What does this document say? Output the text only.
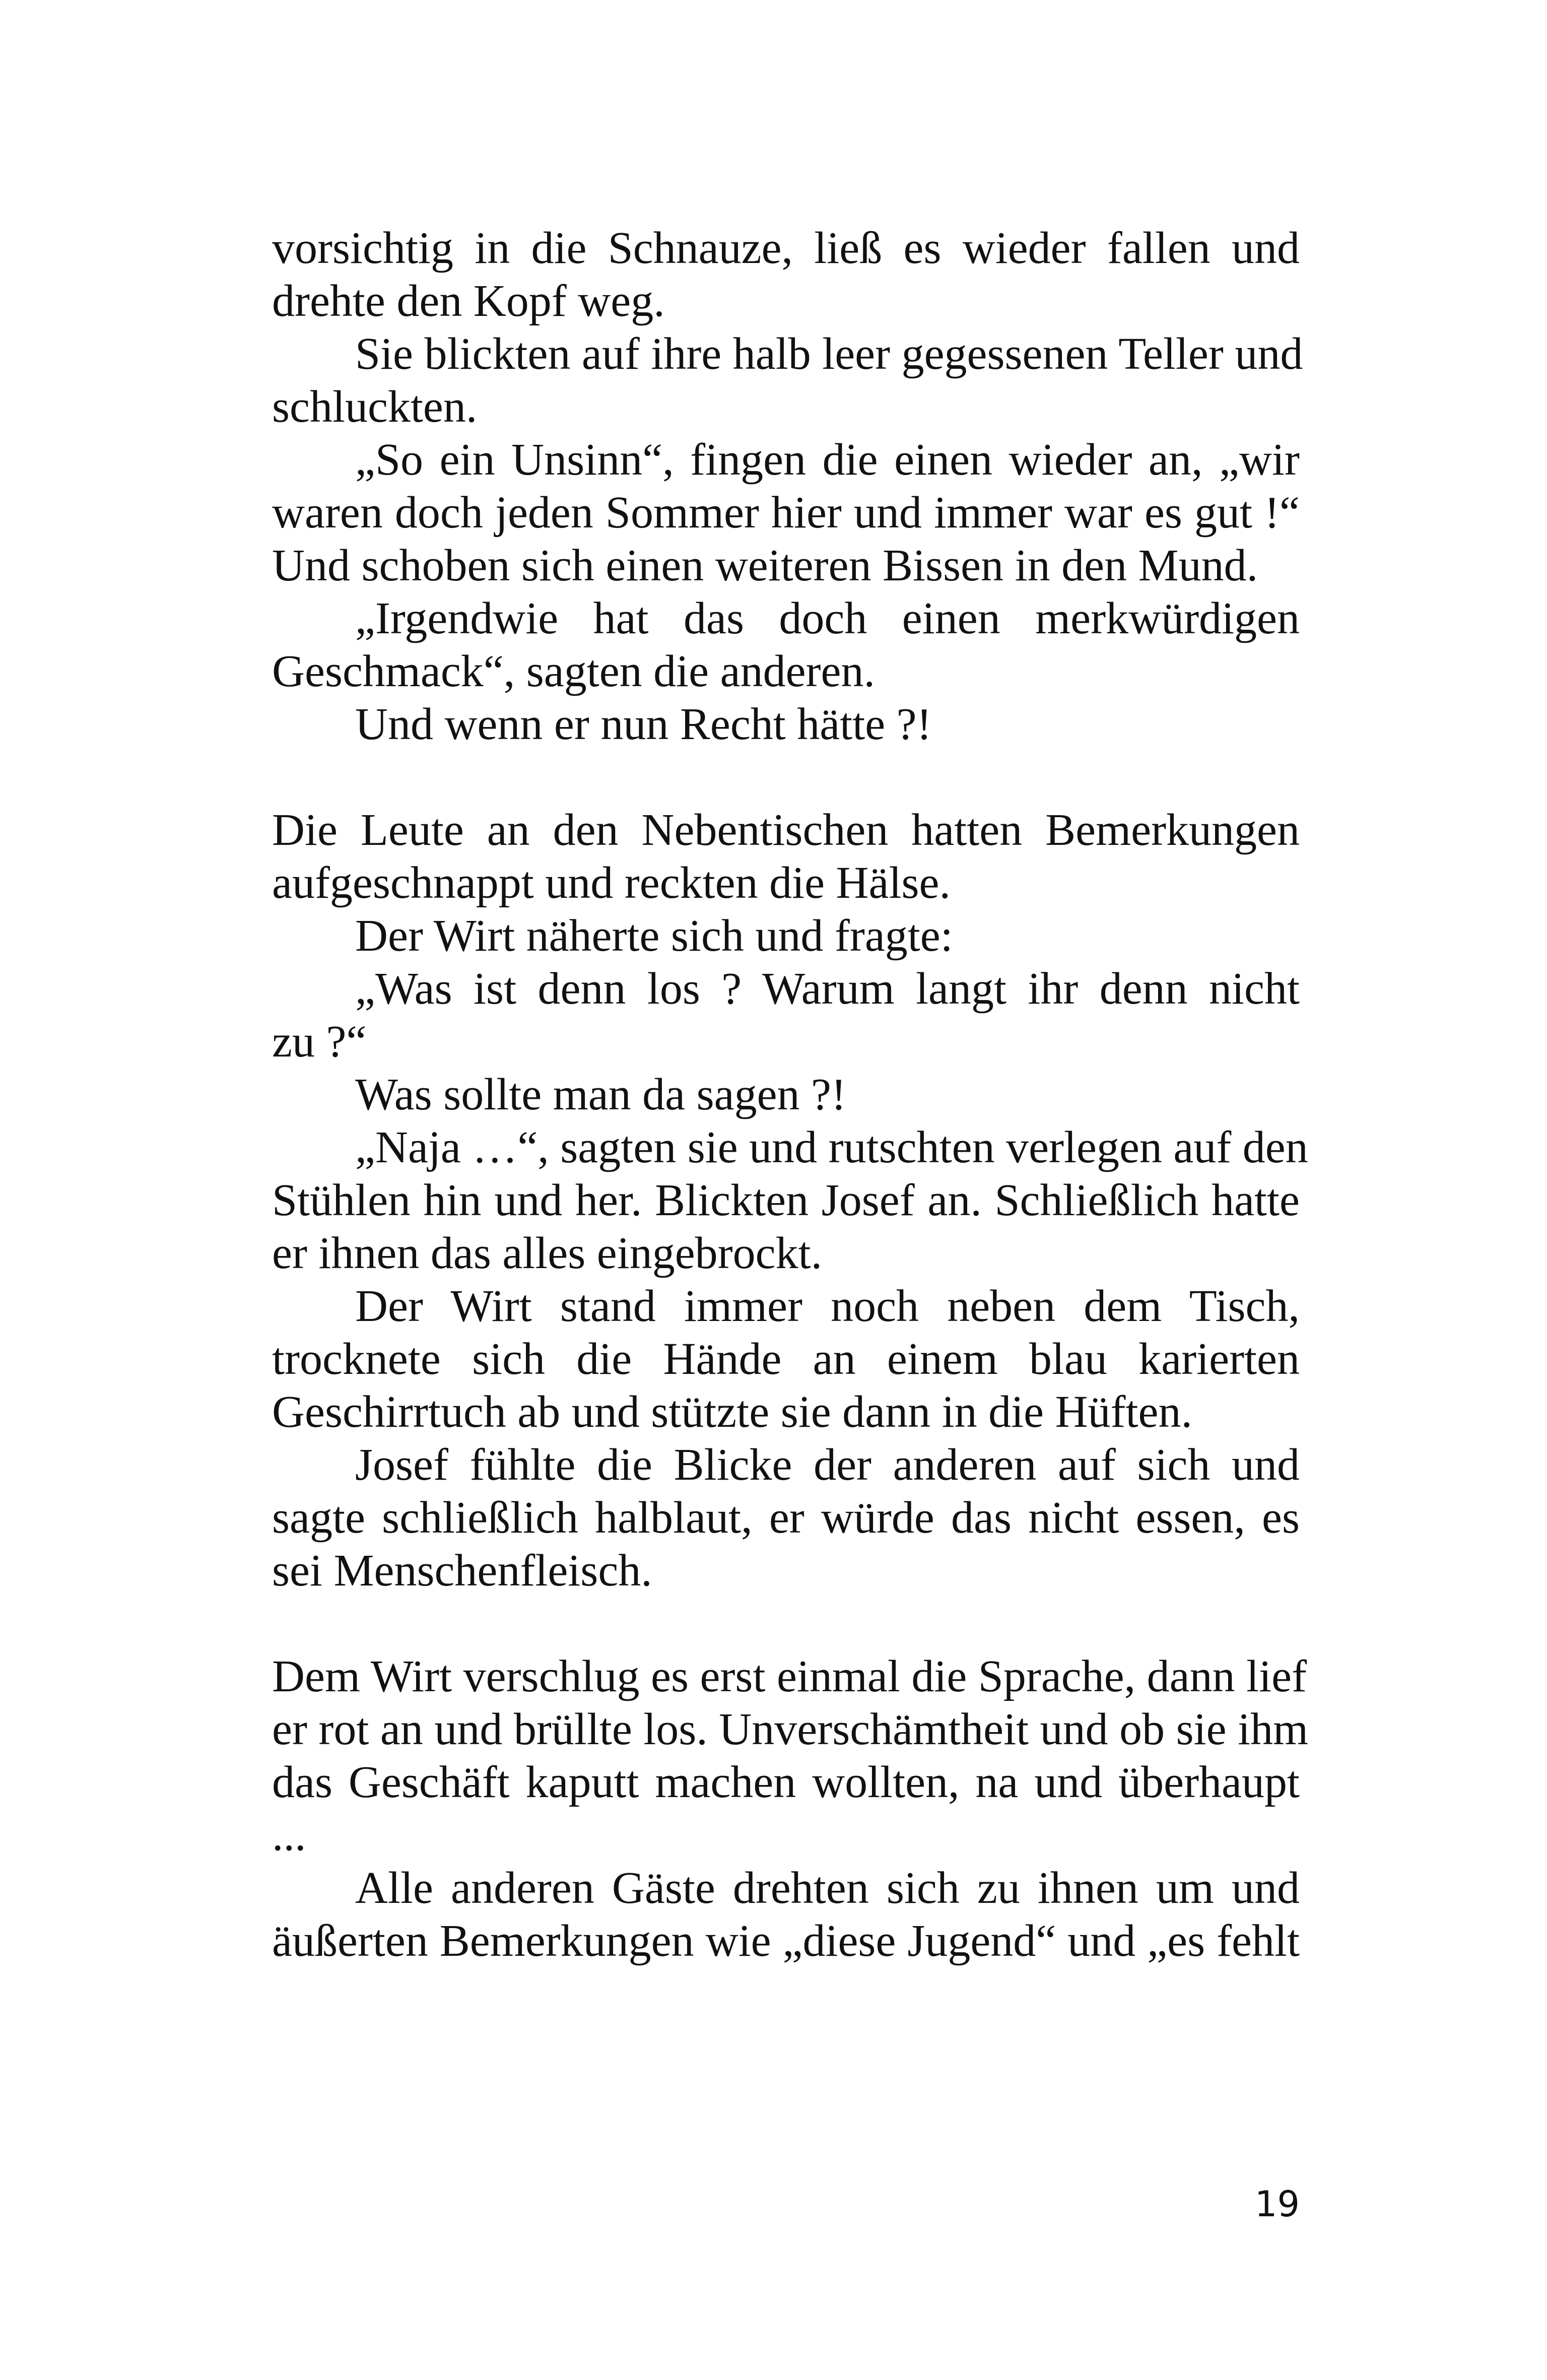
vorsichtig in die Schnauze, ließ es wieder fallen und
drehte den Kopf weg.
Sie blickten auf ihre halb leer gegessenen Teller und
schluckten.
„So ein Unsinn“, fingen die einen wieder an, „wir
waren doch jeden Sommer hier und immer war es gut !“
Und schoben sich einen weiteren Bissen in den Mund.
„Irgendwie hat das doch einen merkwürdigen
Geschmack“, sagten die anderen.
Und wenn er nun Recht hätte ?!
Die Leute an den Nebentischen hatten Bemerkungen
aufgeschnappt und reckten die Hälse.
Der Wirt näherte sich und fragte:
„Was ist denn los ? Warum langt ihr denn nicht
zu ?“
Was sollte man da sagen ?!
„Naja …“, sagten sie und rutschten verlegen auf den
Stühlen hin und her. Blickten Josef an. Schließlich hatte
er ihnen das alles eingebrockt.
Der Wirt stand immer noch neben dem Tisch,
trocknete sich die Hände an einem blau karierten
Geschirrtuch ab und stützte sie dann in die Hüften.
Josef fühlte die Blicke der anderen auf sich und
sagte schließlich halblaut, er würde das nicht essen, es
sei Menschenfleisch.
Dem Wirt verschlug es erst einmal die Sprache, dann lief
er rot an und brüllte los. Unverschämtheit und ob sie ihm
das Geschäft kaputt machen wollten, na und überhaupt
...
Alle anderen Gäste drehten sich zu ihnen um und
äußerten Bemerkungen wie „diese Jugend“ und „es fehlt
19
